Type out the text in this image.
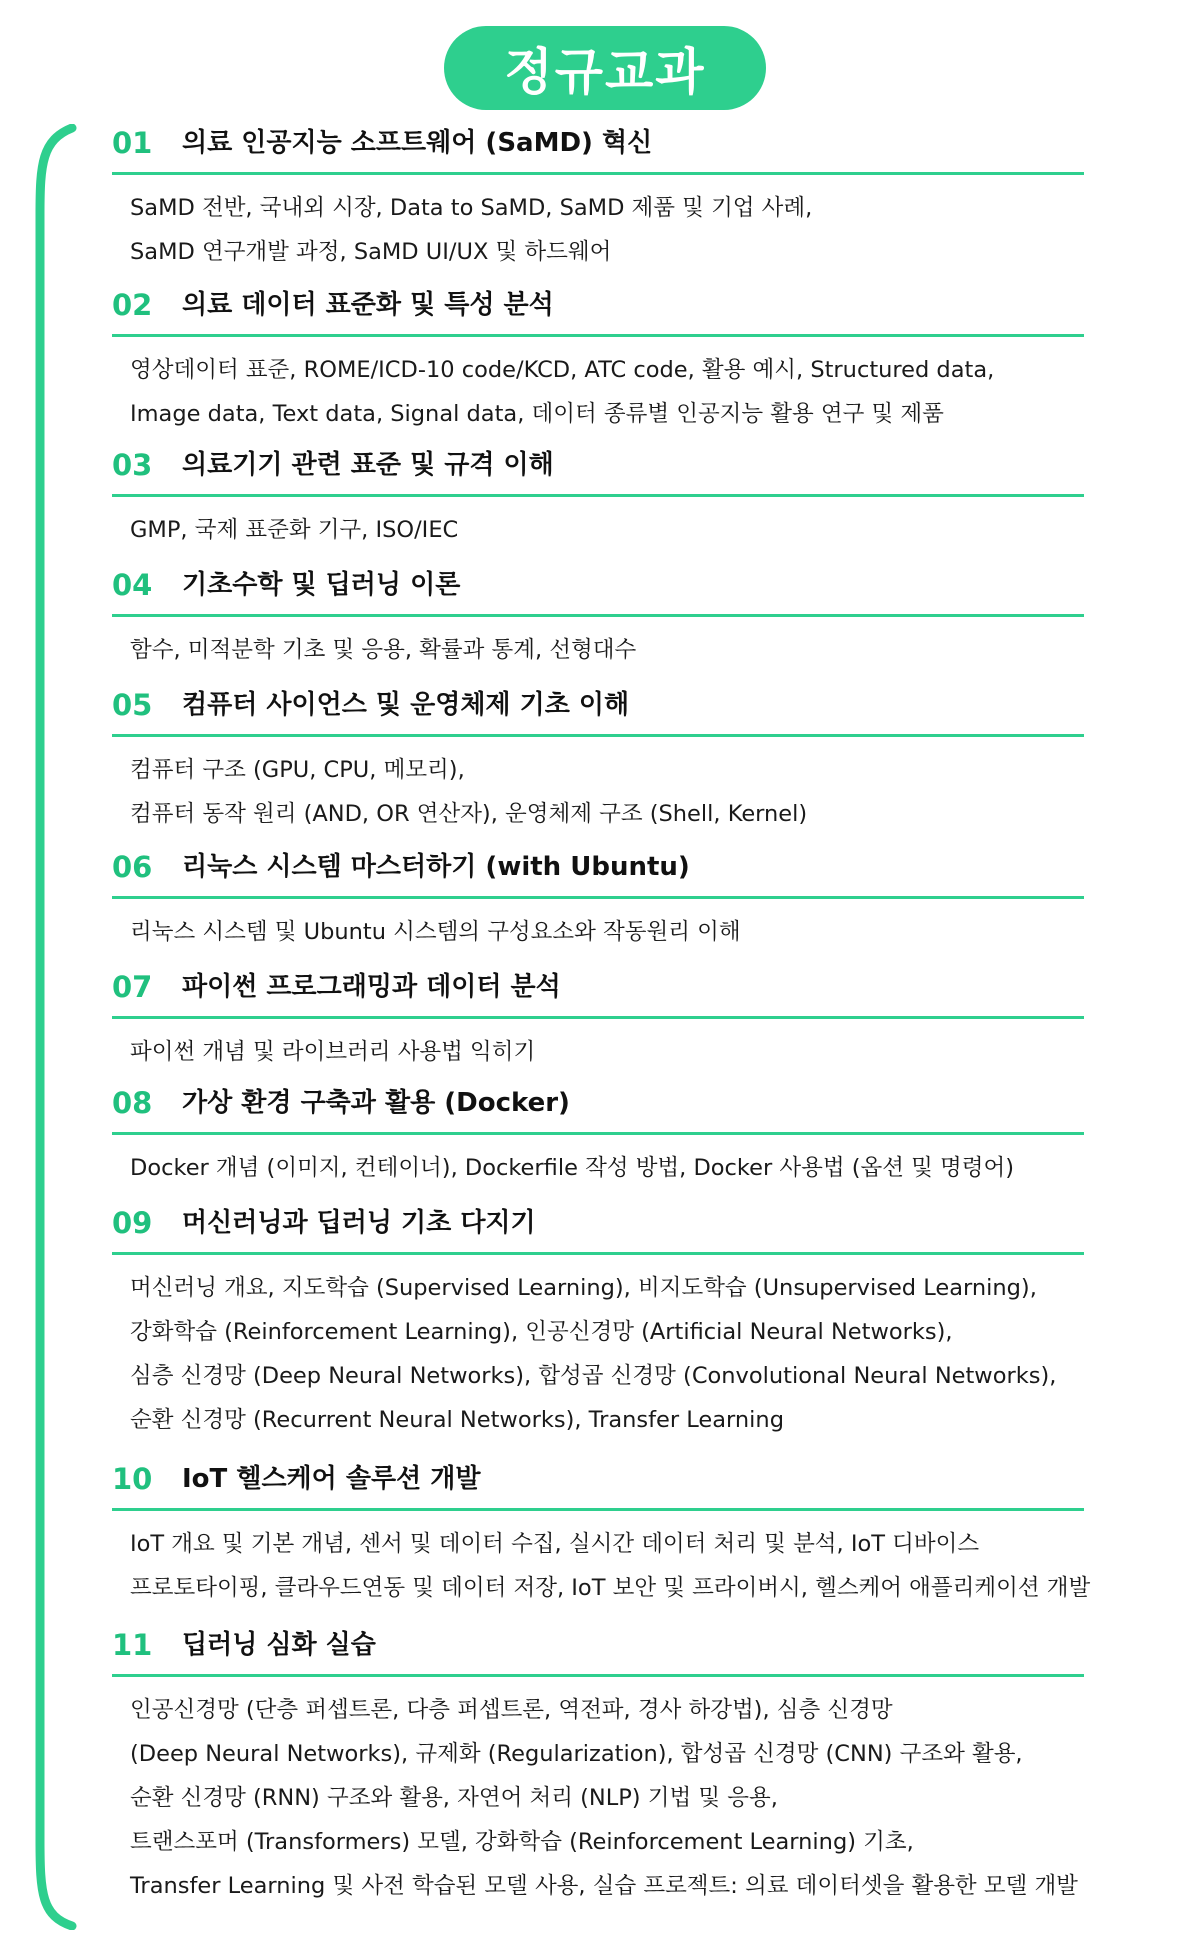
정규교과
01 의료 인공지능 소프트웨어 (SaMD) 혁신
SaMD 전반, 국내외 시장, Data to SaMD, SaMD 제품 및 기업 사례,
SaMD 연구개발 과정, SaMD UI/UX 및 하드웨어
02 의료 데이터 표준화 및 특성 분석
영상데이터 표준, ROME/ICD-10 code/KCD, ATC code, 활용 예시, Structured data,
Image data, Text data, Signal data, 데이터 종류별 인공지능 활용 연구 및 제품
03 의료기기 관련 표준 및 규격 이해
GMP, 국제 표준화 기구, ISO/IEC
04 기초수학 및 딥러닝 이론
함수, 미적분학 기초 및 응용, 확률과 통계, 선형대수
05 컴퓨터 사이언스 및 운영체제 기초 이해
컴퓨터 구조 (GPU, CPU, 메모리),
컴퓨터 동작 원리 (AND, OR 연산자), 운영체제 구조 (Shell, Kernel)
06 리눅스 시스템 마스터하기 (with Ubuntu)
리눅스 시스템 및 Ubuntu 시스템의 구성요소와 작동원리 이해
07 파이썬 프로그래밍과 데이터 분석
파이썬 개념 및 라이브러리 사용법 익히기
08 가상 환경 구축과 활용 (Docker)
Docker 개념 (이미지, 컨테이너), Dockerfile 작성 방법, Docker 사용법 (옵션 및 명령어)
09 머신러닝과 딥러닝 기초 다지기
머신러닝 개요, 지도학습 (Supervised Learning), 비지도학습 (Unsupervised Learning),
강화학습 (Reinforcement Learning), 인공신경망 (Artificial Neural Networks),
심층 신경망 (Deep Neural Networks), 합성곱 신경망 (Convolutional Neural Networks),
순환 신경망 (Recurrent Neural Networks), Transfer Learning
10 IoT 헬스케어 솔루션 개발
IoT 개요 및 기본 개념, 센서 및 데이터 수집, 실시간 데이터 처리 및 분석, IoT 디바이스
프로토타이핑, 클라우드연동 및 데이터 저장, IoT 보안 및 프라이버시, 헬스케어 애플리케이션 개발
11 딥러닝 심화 실습
인공신경망 (단층 퍼셉트론, 다층 퍼셉트론, 역전파, 경사 하강법), 심층 신경망
(Deep Neural Networks), 규제화 (Regularization), 합성곱 신경망 (CNN) 구조와 활용,
순환 신경망 (RNN) 구조와 활용, 자연어 처리 (NLP) 기법 및 응용,
트랜스포머 (Transformers) 모델, 강화학습 (Reinforcement Learning) 기초,
Transfer Learning 및 사전 학습된 모델 사용, 실습 프로젝트: 의료 데이터셋을 활용한 모델 개발
